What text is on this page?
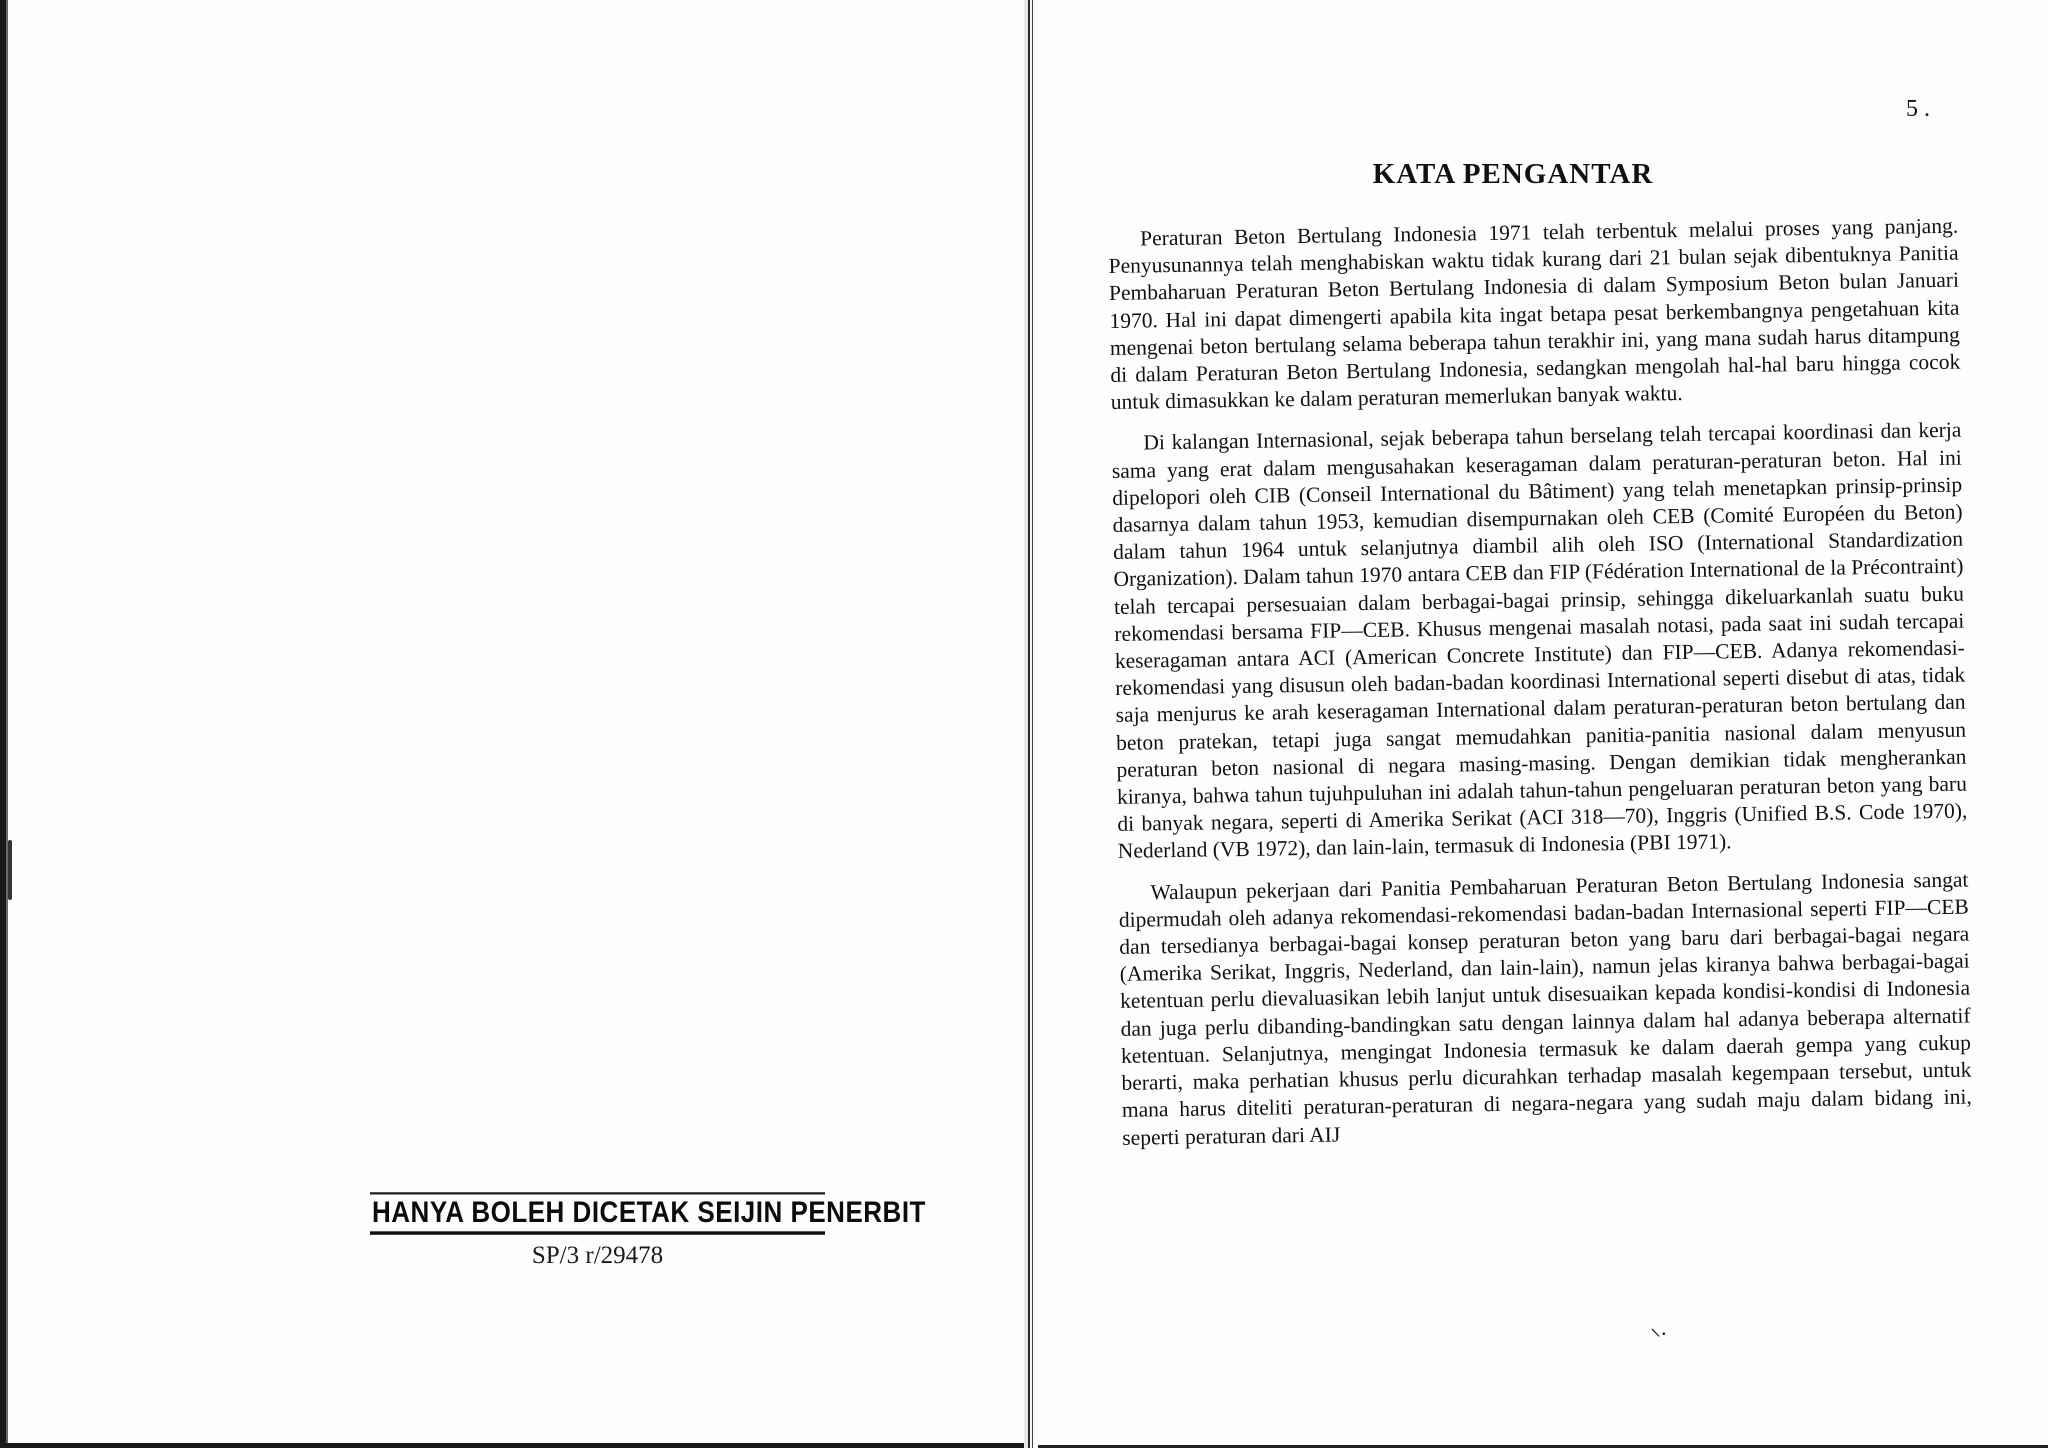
HANYA BOLEH DICETAK SEIJIN PENERBIT
SP/3 r/29478
5 .
KATA PENGANTAR

Peraturan Beton Bertulang Indonesia 1971 telah terbentuk melalui proses yang panjang. Penyusunannya telah menghabiskan waktu tidak kurang dari 21 bulan sejak dibentuknya Panitia Pembaharuan Peraturan Beton Bertulang Indonesia di dalam Symposium Beton bulan Januari 1970. Hal ini dapat dimengerti apabila kita ingat betapa pesat berkembangnya pengetahuan kita mengenai beton bertulang selama beberapa tahun terakhir ini, yang mana sudah harus ditampung di dalam Peraturan Beton Bertulang Indonesia, sedangkan mengolah hal-hal baru hingga cocok untuk dimasukkan ke dalam peraturan memerlukan banyak waktu.

Di kalangan Internasional, sejak beberapa tahun berselang telah tercapai koordinasi dan kerja sama yang erat dalam mengusahakan keseragaman dalam peraturan-peraturan beton. Hal ini dipelopori oleh CIB (Conseil International du Bâtiment) yang telah menetapkan prinsip-prinsip dasarnya dalam tahun 1953, kemudian disempurnakan oleh CEB (Comité Européen du Beton) dalam tahun 1964 untuk selanjutnya diambil alih oleh ISO (International Standardization Organization). Dalam tahun 1970 antara CEB dan FIP (Fédération International de la Précontraint) telah tercapai persesuaian dalam berbagai-bagai prinsip, sehingga dikeluarkanlah suatu buku rekomendasi bersama FIP—CEB. Khusus mengenai masalah notasi, pada saat ini sudah tercapai keseragaman antara ACI (American Concrete Institute) dan FIP—CEB. Adanya rekomendasi-rekomendasi yang disusun oleh badan-badan koordinasi International seperti disebut di atas, tidak saja menjurus ke arah keseragaman International dalam peraturan-peraturan beton bertulang dan beton pratekan, tetapi juga sangat memudahkan panitia-panitia nasional dalam menyusun peraturan beton nasional di negara masing-masing. Dengan demikian tidak mengherankan kiranya, bahwa tahun tujuhpuluhan ini adalah tahun-tahun pengeluaran peraturan beton yang baru di banyak negara, seperti di Amerika Serikat (ACI 318—70), Inggris (Unified B.S. Code 1970), Nederland (VB 1972), dan lain-lain, termasuk di Indonesia (PBI 1971).

Walaupun pekerjaan dari Panitia Pembaharuan Peraturan Beton Bertulang Indonesia sangat dipermudah oleh adanya rekomendasi-rekomendasi badan-badan Internasional seperti FIP—CEB dan tersedianya berbagai-bagai konsep peraturan beton yang baru dari berbagai-bagai negara (Amerika Serikat, Inggris, Nederland, dan lain-lain), namun jelas kiranya bahwa berbagai-bagai ketentuan perlu dievaluasikan lebih lanjut untuk disesuaikan kepada kondisi-kondisi di Indonesia dan juga perlu dibanding-bandingkan satu dengan lainnya dalam hal adanya beberapa alternatif ketentuan. Selanjutnya, mengingat Indonesia termasuk ke dalam daerah gempa yang cukup berarti, maka perhatian khusus perlu dicurahkan terhadap masalah kegempaan tersebut, untuk mana harus diteliti peraturan-peraturan di negara-negara yang sudah maju dalam bidang ini, seperti peraturan dari AIJ

⸜.
